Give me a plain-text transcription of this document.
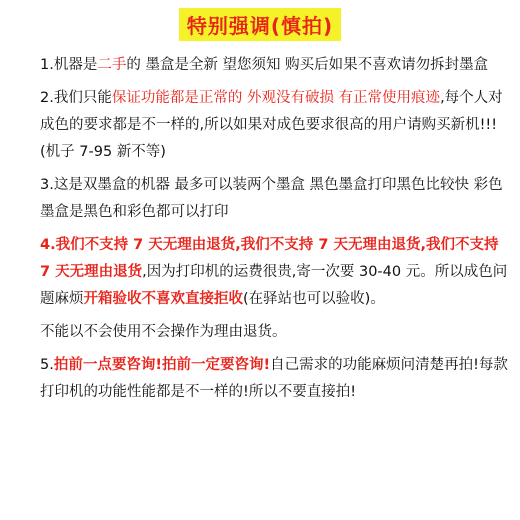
特别强调(慎拍)

1.机器是二手的 墨盒是全新 望您须知 购买后如果不喜欢请勿拆封墨盒

2.我们只能保证功能都是正常的 外观没有破损 有正常使用痕迹,每个人对成色的要求都是不一样的,所以如果对成色要求很高的用户请购买新机!!!(机子 7-95 新不等)

3.这是双墨盒的机器 最多可以装两个墨盒 黑色墨盒打印黑色比较快 彩色墨盒是黑色和彩色都可以打印

4.我们不支持 7 天无理由退货,我们不支持 7 天无理由退货,我们不支持 7 天无理由退货,因为打印机的运费很贵,寄一次要 30-40 元。所以成色问题麻烦开箱验收不喜欢直接拒收(在驿站也可以验收)。

不能以不会使用不会操作为理由退货。

5.拍前一点要咨询!拍前一定要咨询!自己需求的功能麻烦问清楚再拍!每款打印机的功能性能都是不一样的!所以不要直接拍!
